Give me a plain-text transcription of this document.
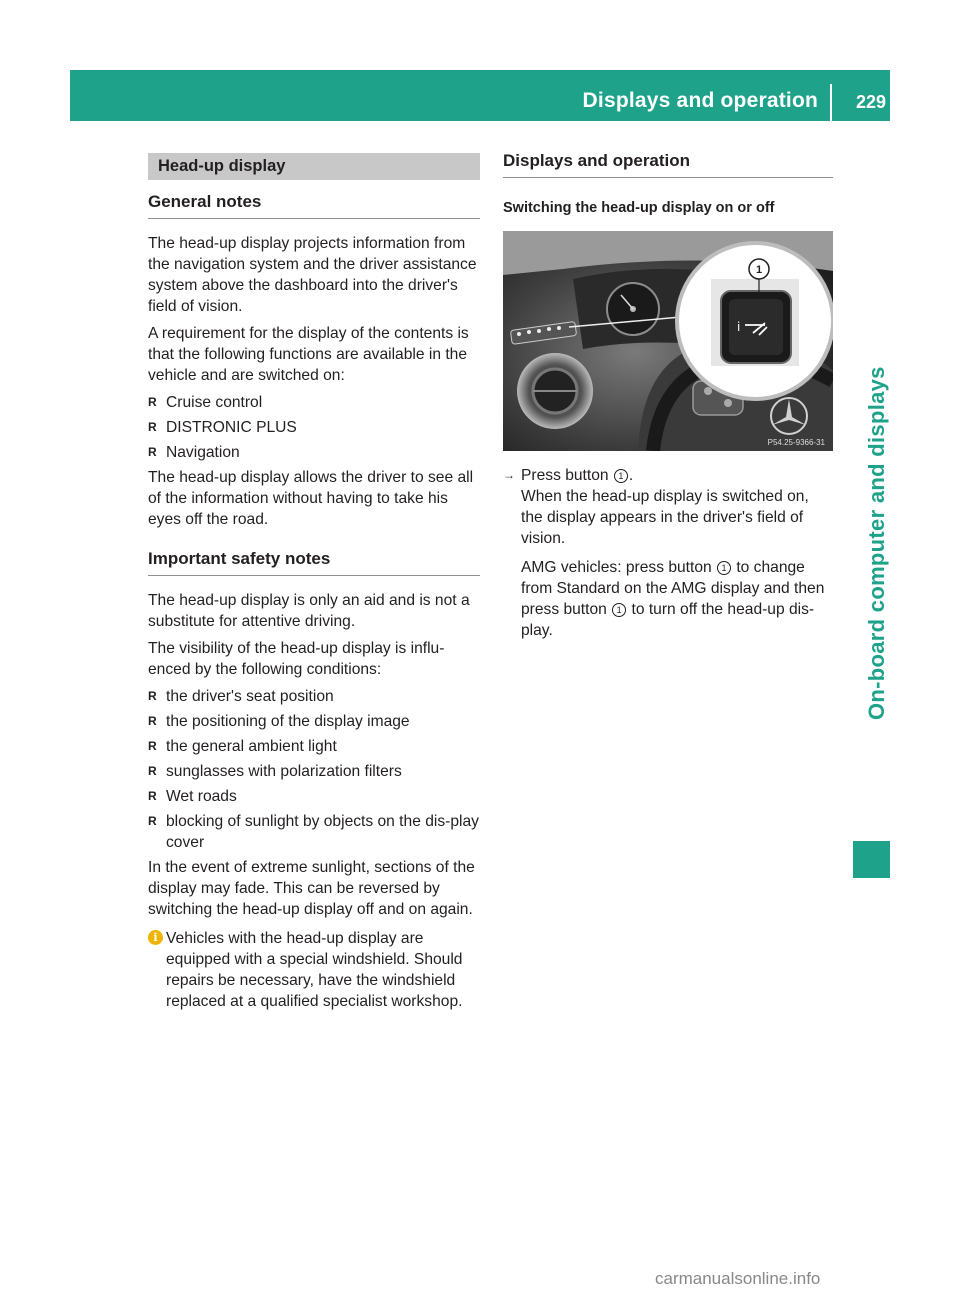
Displays and operation 229
On-board computer and displays
Head-up display
General notes

The head-up display projects information from the navigation system and the driver assistance system above the dashboard into the driver's field of vision.

A requirement for the display of the contents is that the following functions are available in the vehicle and are switched on:

R Cruise control
R DISTRONIC PLUS
R Navigation

The head-up display allows the driver to see all of the information without having to take his eyes off the road.

Important safety notes

The head-up display is only an aid and is not a substitute for attentive driving.

The visibility of the head-up display is influ-enced by the following conditions:

R the driver's seat position
R the positioning of the display image
R the general ambient light
R sunglasses with polarization filters
R Wet roads
R blocking of sunlight by objects on the dis-play cover

In the event of extreme sunlight, sections of the display may fade. This can be reversed by switching the head-up display off and on again.

i Vehicles with the head-up display are equipped with a special windshield. Should repairs be necessary, have the windshield replaced at a qualified specialist workshop.
Displays and operation
Switching the head-up display on or off
i
1
P54.25-9366-31
→ Press button 1 .

When the head-up display is switched on, the display appears in the driver's field of vision.

AMG vehicles: press button 1 to change from Standard on the AMG display and then press button 1 to turn off the head-up dis-play.

carmanualsonline.info
